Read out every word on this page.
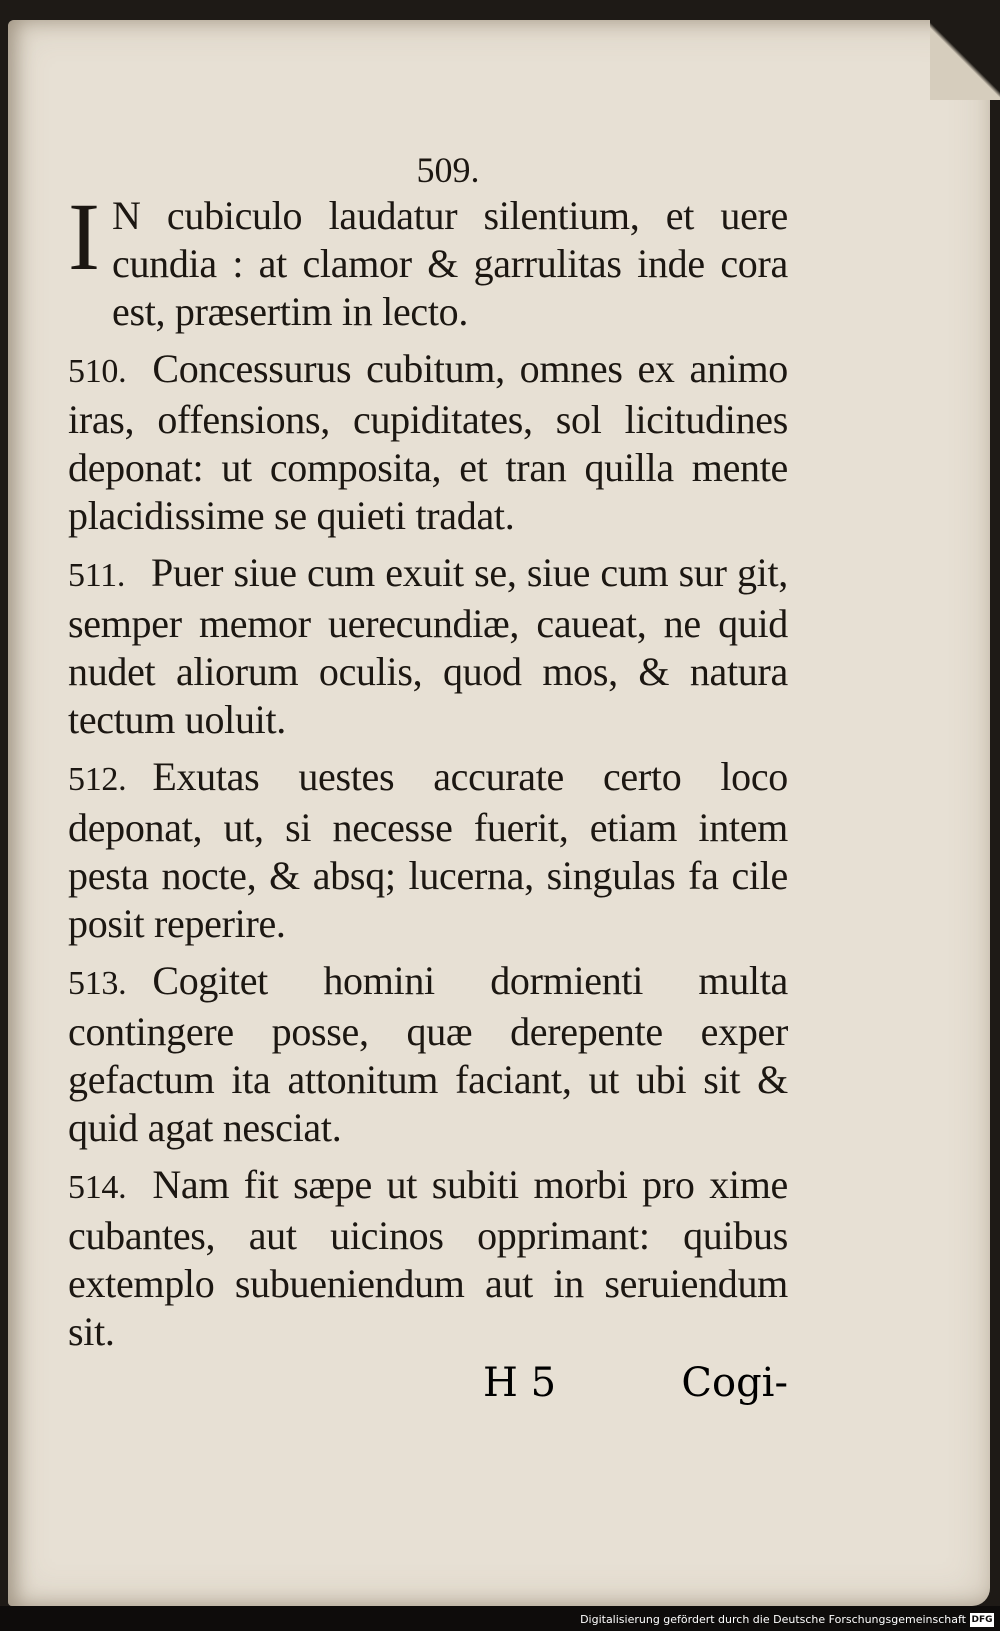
509.

I N cubiculo laudatur silentium, et uere cundia : at clamor & garrulitas inde cora est, præsertim in lecto.

510. Concessurus cubitum, omnes ex animo iras, offensions, cupiditates, sol licitudines deponat: ut composita, et tran quilla mente placidissime se quieti tradat.

511. Puer siue cum exuit se, siue cum sur git, semper memor uerecundiæ, caueat, ne quid nudet aliorum oculis, quod mos, & natura tectum uoluit.

512. Exutas uestes accurate certo loco deponat, ut, si necesse fuerit, etiam intem pesta nocte, & absq; lucerna, singulas fa cile posit reperire.

513. Cogitet homini dormienti multa contingere posse, quæ derepente exper gefactum ita attonitum faciant, ut ubi sit & quid agat nesciat.

514. Nam fit sæpe ut subiti morbi pro xime cubantes, aut uicinos opprimant: quibus extemplo subueniendum aut in seruiendum sit.

H 5	Cogi-
Digitalisierung gefördert durch die Deutsche Forschungsgemeinschaft DFG
